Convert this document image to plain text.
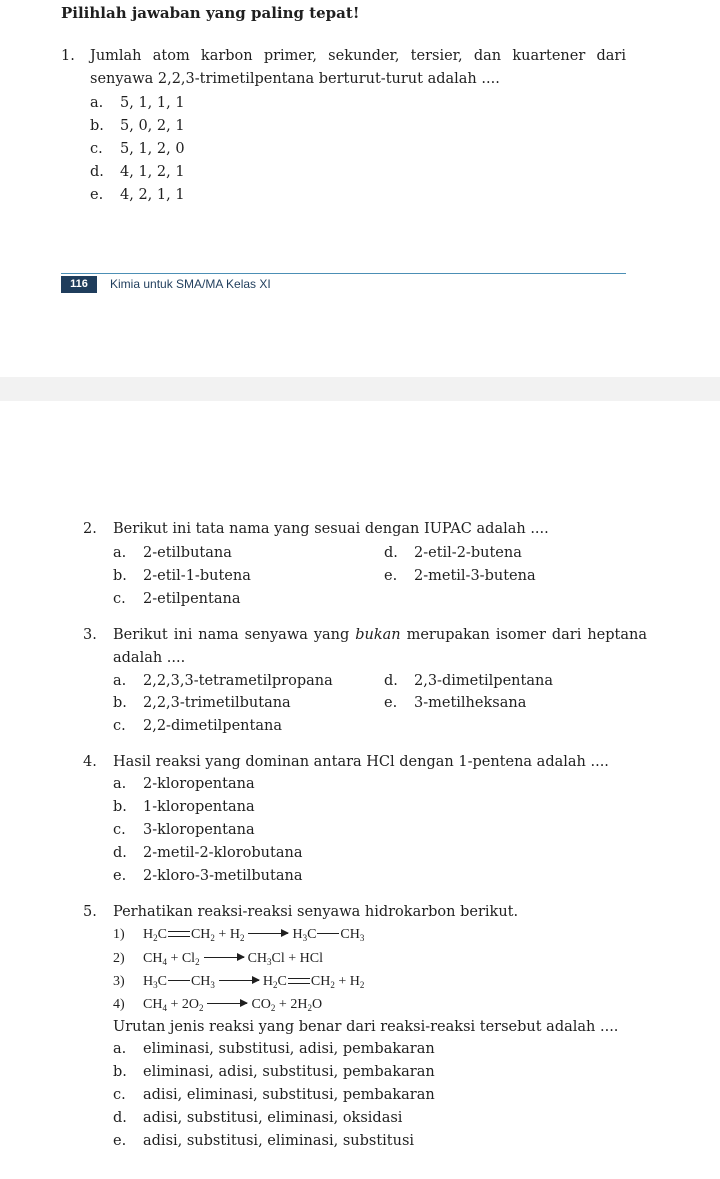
Pilihlah jawaban yang paling tepat!
1. Jumlah atom karbon primer, sekunder, tersier, dan kuartener dari
senyawa 2,2,3-trimetilpentana berturut-turut adalah ....
a. 5, 1, 1, 1
b. 5, 0, 2, 1
c. 5, 1, 2, 0
d. 4, 1, 2, 1
e. 4, 2, 1, 1
116	Kimia untuk SMA/MA Kelas XI
2. Berikut ini tata nama yang sesuai dengan IUPAC adalah ....
a. 2-etilbutana
b. 2-etil-1-butena
c. 2-etilpentana
d. 2-etil-2-butena
e. 2-metil-3-butena
3. Berikut ini nama senyawa yang bukan merupakan isomer dari heptana
adalah ....
a. 2,2,3,3-tetrametilpropana
b. 2,2,3-trimetilbutana
c. 2,2-dimetilpentana
d. 2,3-dimetilpentana
e. 3-metilheksana
4. Hasil reaksi yang dominan antara HCl dengan 1-pentena adalah ....
a. 2-kloropentana
b. 1-kloropentana
c. 3-kloropentana
d. 2-metil-2-klorobutana
e. 2-kloro-3-metilbutana
5. Perhatikan reaksi-reaksi senyawa hidrokarbon berikut.
1) $H_2C$ $CH_2 + H_2 \to H_3C$ $CH_3$
2) $CH_4 + Cl_2 \to CH_3Cl$ + HCl
3) $H_3C$ $CH_3 \to H_2C$ $CH_2 + H_2$
4) $CH_4 + 2O_2 \to CO_2 + 2H_2O$
Urutan jenis reaksi yang benar dari reaksi-reaksi tersebut adalah ....
a. eliminasi, substitusi, adisi, pembakaran
b. eliminasi, adisi, substitusi, pembakaran
c. adisi, eliminasi, substitusi, pembakaran
d. adisi, substitusi, eliminasi, oksidasi
e. adisi, substitusi, eliminasi, substitusi
